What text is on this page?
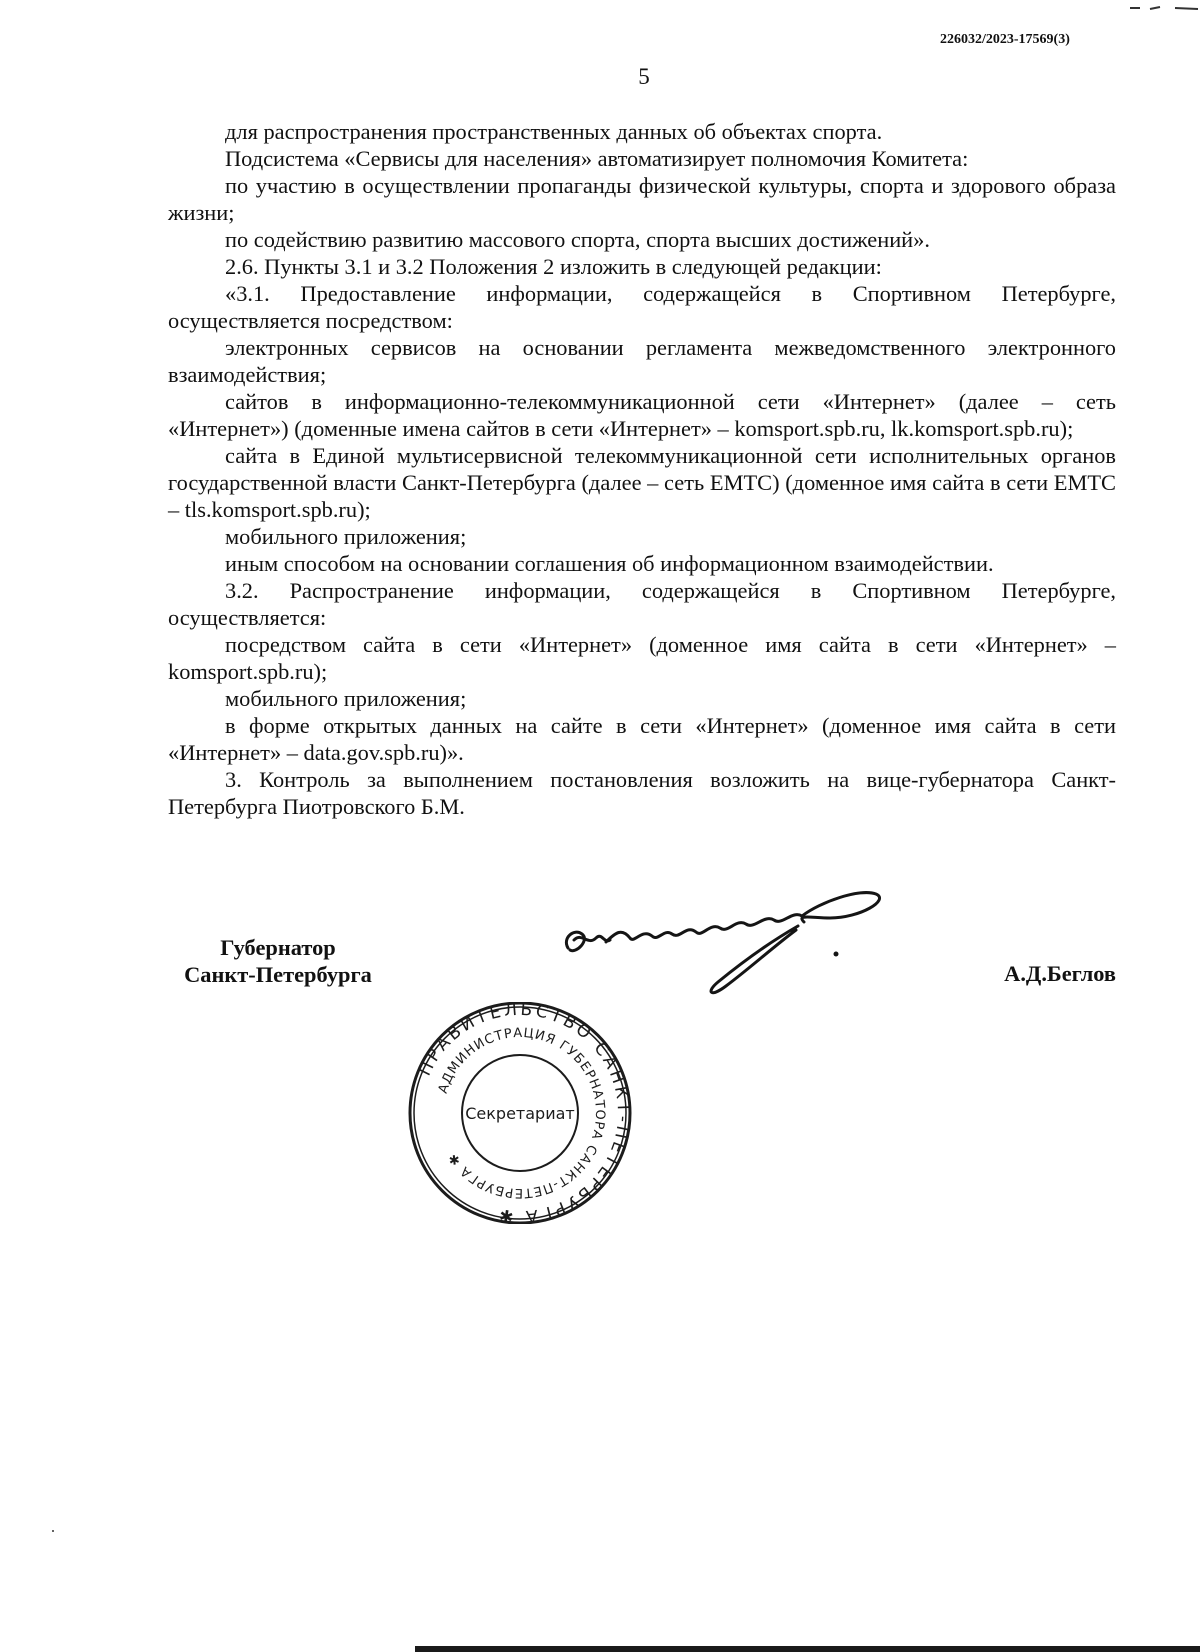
226032/2023-17569(3)
5

для распространения пространственных данных об объектах спорта.

Подсистема «Сервисы для населения» автоматизирует полномочия Комитета:

по участию в осуществлении пропаганды физической культуры, спорта и здорового образа жизни;

по содействию развитию массового спорта, спорта высших достижений».

2.6. Пункты 3.1 и 3.2 Положения 2 изложить в следующей редакции:

«3.1. Предоставление информации, содержащейся в Спортивном Петербурге, осуществляется посредством:

электронных сервисов на основании регламента межведомственного электронного взаимодействия;

сайтов в информационно-телекоммуникационной сети «Интернет» (далее – сеть «Интернет») (доменные имена сайтов в сети «Интернет» – komsport.spb.ru, lk.komsport.spb.ru);

сайта в Единой мультисервисной телекоммуникационной сети исполнительных органов государственной власти Санкт-Петербурга (далее – сеть ЕМТС) (доменное имя сайта в сети ЕМТС – tls.komsport.spb.ru);

мобильного приложения;

иным способом на основании соглашения об информационном взаимодействии.

3.2. Распространение информации, содержащейся в Спортивном Петербурге, осуществляется:

посредством сайта в сети «Интернет» (доменное имя сайта в сети «Интернет» – komsport.spb.ru);

мобильного приложения;

в форме открытых данных на сайте в сети «Интернет» (доменное имя сайта в сети «Интернет» – data.gov.spb.ru)».

3. Контроль за выполнением постановления возложить на вице-губернатора Санкт-Петербурга Пиотровского Б.М.

Губернатор
Санкт-Петербурга	А.Д.Беглов
ПРАВИТЕЛЬСТВО САНКТ-ПЕТЕРБУРГА ✱
АДМИНИСТРАЦИЯ ГУБЕРНАТОРА САНКТ-ПЕТЕРБУРГА ✱
Секретариат
